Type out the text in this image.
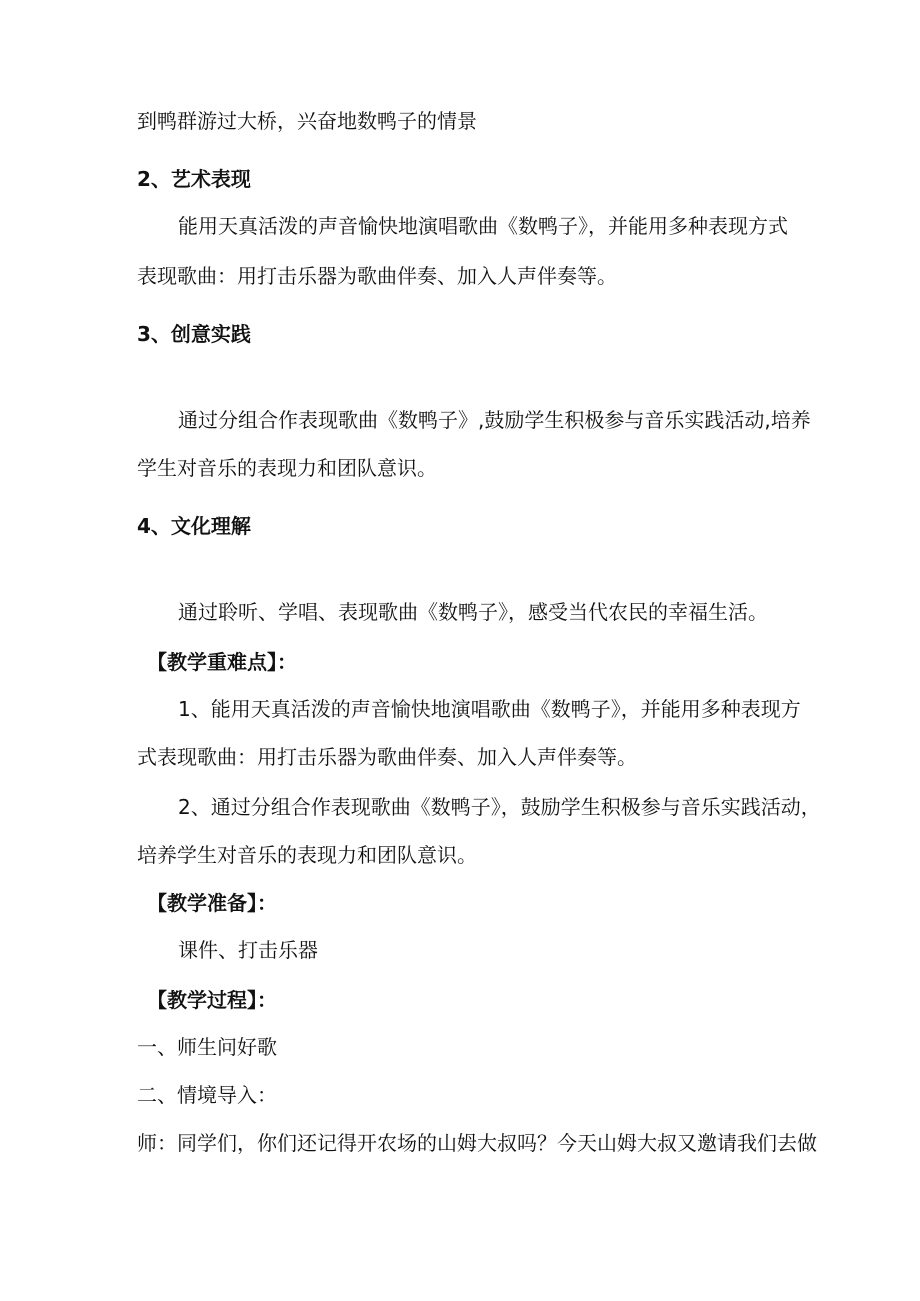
到鸭群游过大桥，兴奋地数鸭子的情景
2、艺术表现
能用天真活泼的声音愉快地演唱歌曲《数鸭子》，并能用多种表现方式
表现歌曲：用打击乐器为歌曲伴奏、加入人声伴奏等。
3、创意实践
通过分组合作表现歌曲《数鸭子》,鼓励学生积极参与音乐实践活动,培养
学生对音乐的表现力和团队意识。
4、文化理解
通过聆听、学唱、表现歌曲《数鸭子》，感受当代农民的幸福生活。
【教学重难点】：
1、能用天真活泼的声音愉快地演唱歌曲《数鸭子》，并能用多种表现方
式表现歌曲：用打击乐器为歌曲伴奏、加入人声伴奏等。
2、通过分组合作表现歌曲《数鸭子》，鼓励学生积极参与音乐实践活动，
培养学生对音乐的表现力和团队意识。
【教学准备】：
课件、打击乐器
【教学过程】：
一、师生问好歌
二、情境导入：
师：同学们，你们还记得开农场的山姆大叔吗？今天山姆大叔又邀请我们去做
